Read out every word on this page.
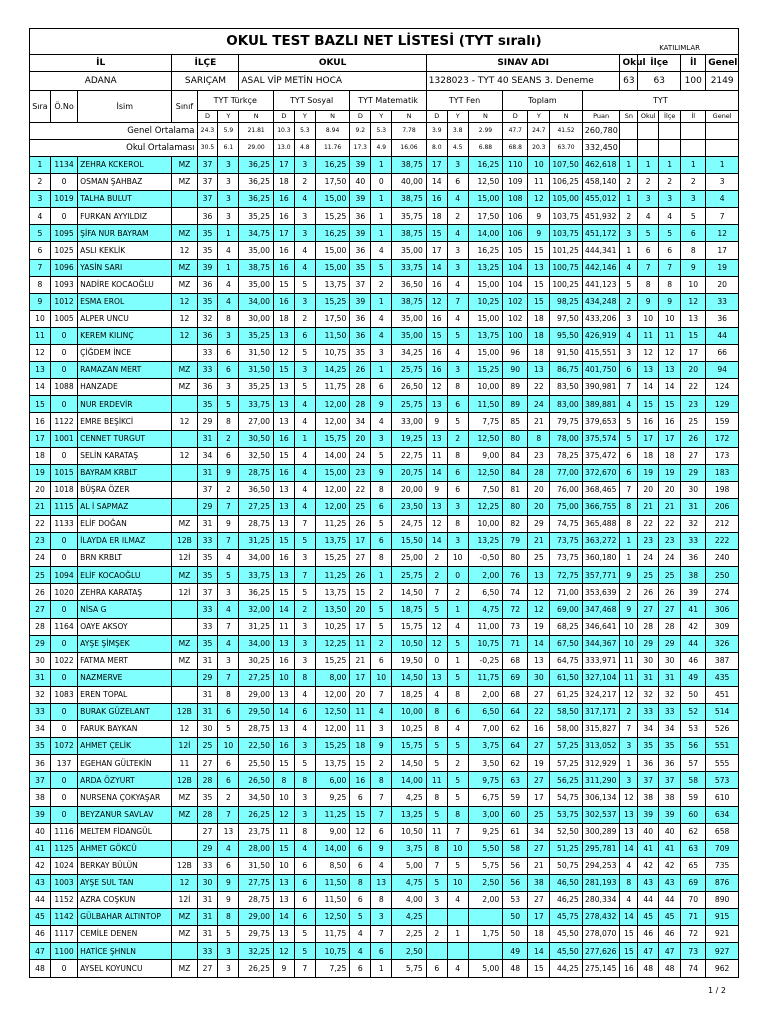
OKUL TEST BAZLI NET LİSTESİ (TYT sıralı) KATILIMLAR																								

İL			İLÇE			OKUL							SINAV ADI							Okul	İlçe		İl	Genel
ADANA			SARIÇAM			ASAL VİP METİN HOCA							1328023 - TYT 40 SEANS 3. Deneme							63	63		100	2149
Sıra	Ö.No	İsim	Sınıf	TYT Türkçe			TYT Sosyal			TYT Matematik			TYT Fen			Toplam			TYT					
				D	Y	N	D	Y	N	D	Y	N	D	Y	N	D	Y	N	Puan	Sn	Okul	İlçe	İl	Genel
Genel Ortalama				24.3	5.9	21.81	10.3	5.3	8.94	9.2	5.3	7.78	3.9	3.8	2.99	47.7	24.7	41.52	260,780					
Okul Ortalaması				30.5	6.1	29.00	13.0	4.8	11.76	17.3	4.9	16.06	8.0	4.5	6.88	68.8	20.3	63.70	332,450					
1	1134	ZEHRA KCKEROL	MZ	37	3	36,25	17	3	16,25	39	1	38,75	17	3	16,25	110	10	107,50	462,618	1	1	1	1	1
2	0	OSMAN ŞAHBAZ	MZ	37	3	36,25	18	2	17,50	40	0	40,00	14	6	12,50	109	11	106,25	458,140	2	2	2	2	3
3	1019	TALHA BULUT		37	3	36,25	16	4	15,00	39	1	38,75	16	4	15,00	108	12	105,00	455,012	1	3	3	3	4
4	0	FURKAN AYYILDIZ		36	3	35,25	16	3	15,25	36	1	35,75	18	2	17,50	106	9	103,75	451,932	2	4	4	5	7
5	1095	ŞİFA NUR BAYRAM	MZ	35	1	34,75	17	3	16,25	39	1	38,75	15	4	14,00	106	9	103,75	451,172	3	5	5	6	12
6	1025	ASLI KEKLİK	12	35	4	35,00	16	4	15,00	36	4	35,00	17	3	16,25	105	15	101,25	444,341	1	6	6	8	17
7	1096	YASİN SARI	MZ	39	1	38,75	16	4	15,00	35	5	33,75	14	3	13,25	104	13	100,75	442,146	4	7	7	9	19
8	1093	NADİRE KOCAOĞLU	MZ	36	4	35,00	15	5	13,75	37	2	36,50	16	4	15,00	104	15	100,25	441,123	5	8	8	10	20
9	1012	ESMA EROL	12	35	4	34,00	16	3	15,25	39	1	38,75	12	7	10,25	102	15	98,25	434,248	2	9	9	12	33
10	1005	ALPER UNCU	12	32	8	30,00	18	2	17,50	36	4	35,00	16	4	15,00	102	18	97,50	433,206	3	10	10	13	36
11	0	KEREM KILINÇ	12	36	3	35,25	13	6	11,50	36	4	35,00	15	5	13,75	100	18	95,50	426,919	4	11	11	15	44
12	0	ÇİĞDEM İNCE		33	6	31,50	12	5	10,75	35	3	34,25	16	4	15,00	96	18	91,50	415,551	3	12	12	17	66
13	0	RAMAZAN MERT	MZ	33	6	31,50	15	3	14,25	26	1	25,75	16	3	15,25	90	13	86,75	401,750	6	13	13	20	94
14	1088	HANZADE	MZ	36	3	35,25	13	5	11,75	28	6	26,50	12	8	10,00	89	22	83,50	390,981	7	14	14	22	124
15	0	NUR ERDEVİR		35	5	33,75	13	4	12,00	28	9	25,75	13	6	11,50	89	24	83,00	389,881	4	15	15	23	129
16	1122	EMRE BEŞİKCİ	12	29	8	27,00	13	4	12,00	34	4	33,00	9	5	7,75	85	21	79,75	379,653	5	16	16	25	159
17	1001	CENNET TURGUT		31	2	30,50	16	1	15,75	20	3	19,25	13	2	12,50	80	8	78,00	375,574	5	17	17	26	172
18	0	SELİN KARATAŞ	12	34	6	32,50	15	4	14,00	24	5	22,75	11	8	9,00	84	23	78,25	375,472	6	18	18	27	173
19	1015	BAYRAM KRBLT		31	9	28,75	16	4	15,00	23	9	20,75	14	6	12,50	84	28	77,00	372,670	6	19	19	29	183
20	1018	BÜŞRA ÖZER		37	2	36,50	13	4	12,00	22	8	20,00	9	6	7,50	81	20	76,00	368,465	7	20	20	30	198
21	1115	AL İ SAPMAZ		29	7	27,25	13	4	12,00	25	6	23,50	13	3	12,25	80	20	75,00	366,755	8	21	21	31	206
22	1133	ELİF DOĞAN	MZ	31	9	28,75	13	7	11,25	26	5	24,75	12	8	10,00	82	29	74,75	365,488	8	22	22	32	212
23	0	İLAYDA ER ILMAZ	12B	33	7	31,25	15	5	13,75	17	6	15,50	14	3	13,25	79	21	73,75	363,272	1	23	23	33	222
24	0	BRN KRBLT	12İ	35	4	34,00	16	3	15,25	27	8	25,00	2	10	-0,50	80	25	73,75	360,180	1	24	24	36	240
25	1094	ELİF KOCAOĞLU	MZ	35	5	33,75	13	7	11,25	26	1	25,75	2	0	2,00	76	13	72,75	357,771	9	25	25	38	250
26	1020	ZEHRA KARATAŞ	12İ	37	3	36,25	15	5	13,75	15	2	14,50	7	2	6,50	74	12	71,00	353,639	2	26	26	39	274
27	0	NİSA G		33	4	32,00	14	2	13,50	20	5	18,75	5	1	4,75	72	12	69,00	347,468	9	27	27	41	306
28	1164	OAYE AKSOY		33	7	31,25	11	3	10,25	17	5	15,75	12	4	11,00	73	19	68,25	346,641	10	28	28	42	309
29	0	AYŞE ŞİMŞEK	MZ	35	4	34,00	13	3	12,25	11	2	10,50	12	5	10,75	71	14	67,50	344,367	10	29	29	44	326
30	1022	FATMA MERT	MZ	31	3	30,25	16	3	15,25	21	6	19,50	0	1	-0,25	68	13	64,75	333,971	11	30	30	46	387
31	0	NAZMERVE		29	7	27,25	10	8	8,00	17	10	14,50	13	5	11,75	69	30	61,50	327,104	11	31	31	49	435
32	1083	EREN TOPAL		31	8	29,00	13	4	12,00	20	7	18,25	4	8	2,00	68	27	61,25	324,217	12	32	32	50	451
33	0	BURAK GÜZELANT	12B	31	6	29,50	14	6	12,50	11	4	10,00	8	6	6,50	64	22	58,50	317,171	2	33	33	52	514
34	0	FARUK BAYKAN	12	30	5	28,75	13	4	12,00	11	3	10,25	8	4	7,00	62	16	58,00	315,827	7	34	34	53	526
35	1072	AHMET ÇELİK	12İ	25	10	22,50	16	3	15,25	18	9	15,75	5	5	3,75	64	27	57,25	313,052	3	35	35	56	551
36	137	EGEHAN GÜLTEKİN	11	27	6	25,50	15	5	13,75	15	2	14,50	5	2	3,50	62	19	57,25	312,929	1	36	36	57	555
37	0	ARDA ÖZYURT	12B	28	6	26,50	8	8	6,00	16	8	14,00	11	5	9,75	63	27	56,25	311,290	3	37	37	58	573
38	0	NURSENA ÇOKYAŞAR	MZ	35	2	34,50	10	3	9,25	6	7	4,25	8	5	6,75	59	17	54,75	306,134	12	38	38	59	610
39	0	BEYZANUR SAVLAV	MZ	28	7	26,25	12	3	11,25	15	7	13,25	5	8	3,00	60	25	53,75	302,537	13	39	39	60	634
40	1116	MELTEM FİDANGÜL		27	13	23,75	11	8	9,00	12	6	10,50	11	7	9,25	61	34	52,50	300,289	13	40	40	62	658
41	1125	AHMET GÖKCÜ		29	4	28,00	15	4	14,00	6	9	3,75	8	10	5,50	58	27	51,25	295,781	14	41	41	63	709
42	1024	BERKAY BÜLÜN	12B	33	6	31,50	10	6	8,50	6	4	5,00	7	5	5,75	56	21	50,75	294,253	4	42	42	65	735
43	1003	AYŞE SUL TAN	12	30	9	27,75	13	6	11,50	8	13	4,75	5	10	2,50	56	38	46,50	281,193	8	43	43	69	876
44	1152	AZRA COŞKUN	12İ	31	9	28,75	13	6	11,50	6	8	4,00	3	4	2,00	53	27	46,25	280,334	4	44	44	70	890
45	1142	GÜLBAHAR ALTINTOP	MZ	31	8	29,00	14	6	12,50	5	3	4,25				50	17	45,75	278,432	14	45	45	71	915
46	1117	CEMİLE DENEN	MZ	31	5	29,75	13	5	11,75	4	7	2,25	2	1	1,75	50	18	45,50	278,070	15	46	46	72	921
47	1100	HATİCE ŞHNLN		33	3	32,25	12	5	10,75	4	6	2,50				49	14	45,50	277,626	15	47	47	73	927
48	0	AYSEL KOYUNCU	MZ	27	3	26,25	9	7	7,25	6	1	5,75	6	4	5,00	48	15	44,25	275,145	16	48	48	74	962
1 / 2
